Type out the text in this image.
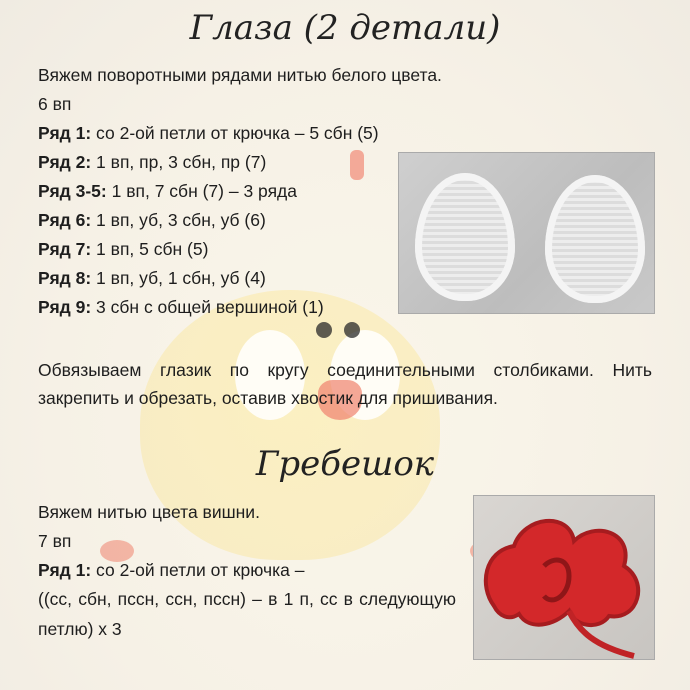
Глаза (2 детали)
Вяжем поворотными рядами нитью белого цвета.
6 вп
Ряд 1: со 2-ой петли от крючка – 5 сбн (5)
Ряд 2: 1 вп, пр, 3 сбн, пр (7)
Ряд 3-5: 1 вп, 7 сбн (7) – 3 ряда
Ряд 6: 1 вп, уб, 3 сбн, уб (6)
Ряд 7: 1 вп, 5 сбн (5)
Ряд 8: 1 вп, уб, 1 сбн, уб (4)
Ряд 9: 3 сбн с общей вершиной (1)
Обвязываем глазик по кругу соединительными столбиками. Нить закрепить и обрезать, оставив хвостик для пришивания.
Гребешок
Вяжем нитью цвета вишни.
7 вп
Ряд 1: со 2-ой петли от крючка –
((сс, сбн, пссн, ссн, пссн) – в 1 п, сс в следующую петлю) х 3
